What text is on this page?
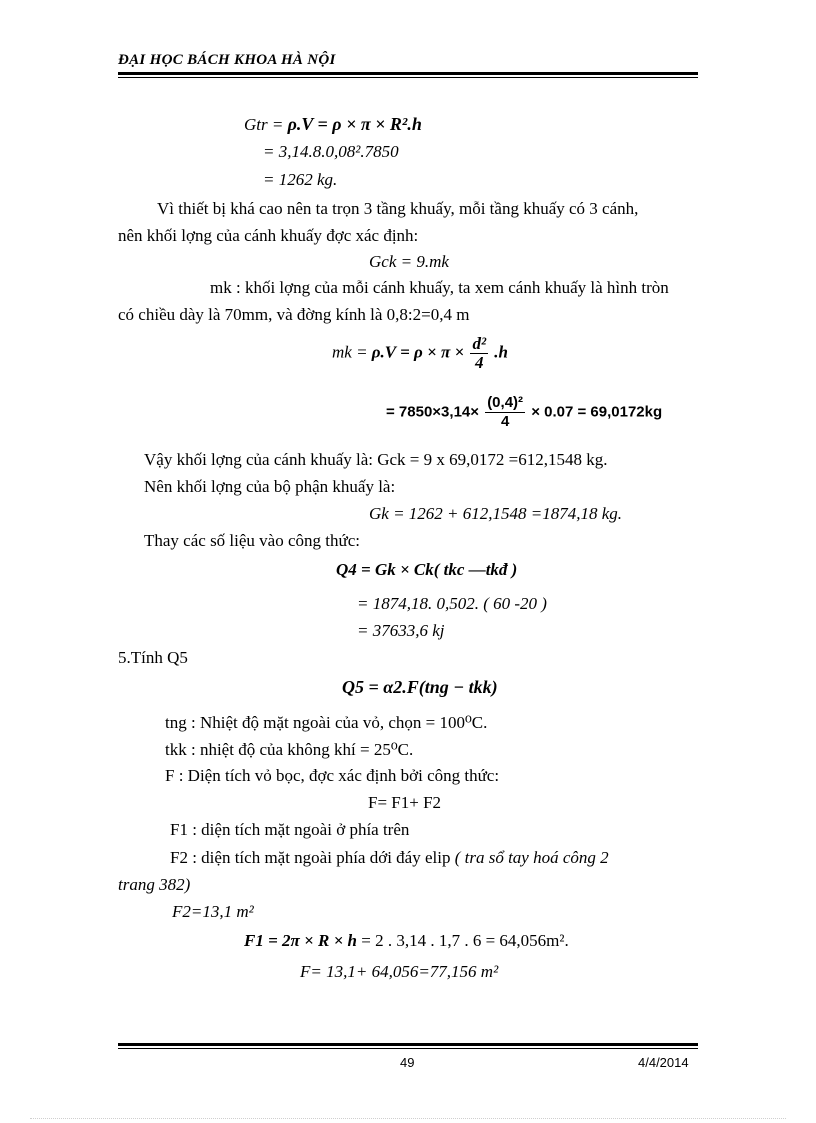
ĐẠI HỌC BÁCH KHOA HÀ NỘI
Gtr = ρ.V = ρ × π × R².h
= 3,14.8.0,08².7850
= 1262 kg.
Vì thiết bị khá cao nên ta trọn 3 tầng khuấy, mỗi tầng khuấy có 3 cánh,
nên khối lợng của cánh khuấy đợc xác định:
Gck = 9.mk
mk : khối lợng của mỗi cánh khuấy, ta xem cánh khuấy là hình tròn
có chiều dày là 70mm, và đờng kính là 0,8:2=0,4 m
mk = $\rho.V = \rho \times \pi \times \frac{\text{d²}}{4} .h$
= $7850\times 3,14\times \frac{\text{(0,4)²}}{4} \times 0.07 = 69,0172kg$
Vậy khối lợng của cánh khuấy là: Gck = 9 x 69,0172 =612,1548 kg.
Nên khối lợng của bộ phận khuấy là:
Gk = 1262 + 612,1548 =1874,18 kg.
Thay các số liệu vào công thức:
Q4 = Gk × Ck( tkc —tkđ )
= 1874,18. 0,502. ( 60 -20 )
= 37633,6 kj
5.Tính Q5
Q5 = α2.F(tng − tkk)
tng : Nhiệt độ mặt ngoài của vỏ, chọn = 100⁰C.
tkk : nhiệt độ của không khí = 25⁰C.
F : Diện tích vỏ bọc, đợc xác định bởi công thức:
F= F1+ F2
F1 : diện tích mặt ngoài ở phía trên
F2 : diện tích mặt ngoài phía dới đáy elip ( tra sổ tay hoá công 2
trang 382)
F2=13,1 m²
F1 = 2π × R × h = 2 . 3,14 . 1,7 . 6 = 64,056m².
F= 13,1+ 64,056=77,156 m²
49	4/4/2014
